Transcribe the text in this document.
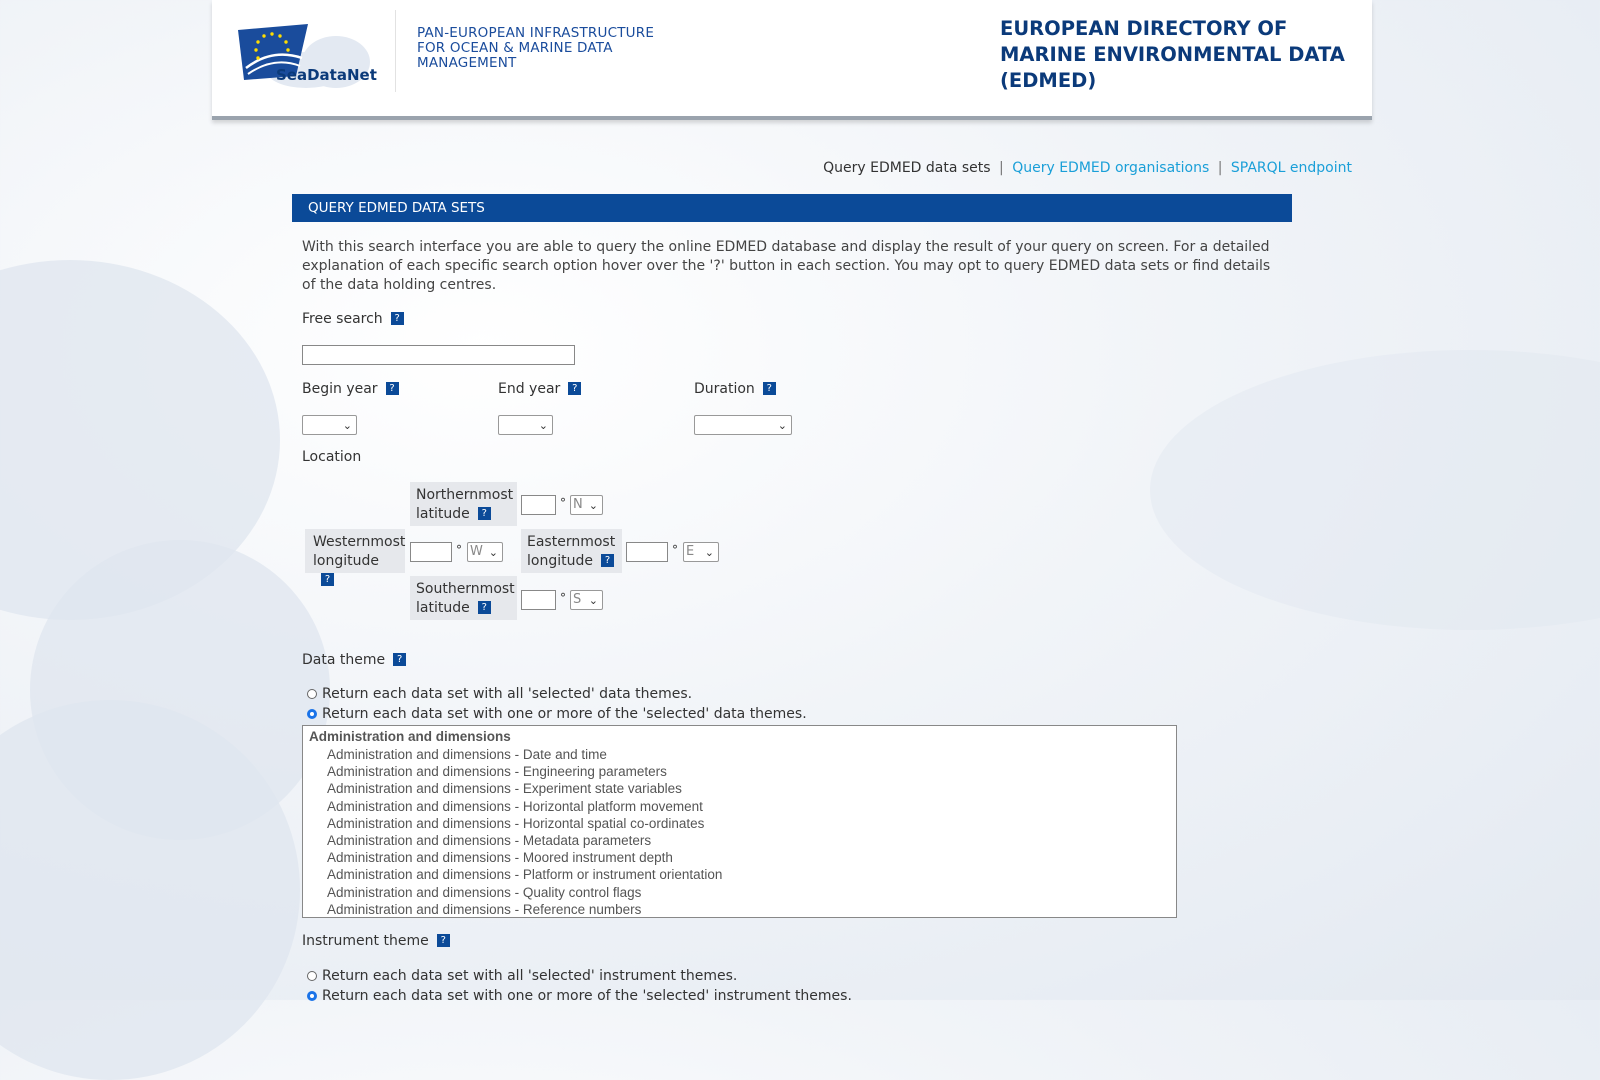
SeaDataNet
PAN-EUROPEAN INFRASTRUCTURE FOR OCEAN & MARINE DATA MANAGEMENT
EUROPEAN DIRECTORY OF MARINE ENVIRONMENTAL DATA (EDMED)
Query EDMED data sets | Query EDMED organisations | SPARQL endpoint
QUERY EDMED DATA SETS
With this search interface you are able to query the online EDMED database and display the result of your query on screen. For a detailed explanation of each specific search option hover over the '?' button in each section. You may opt to query EDMED data sets or find details of the data holding centres.
Free search ?
Begin year ?	End year ?	Duration ?
⌄	⌄	⌄
Location
Northernmost
latitude ?
° N ⌄
Westernmost
longitude?
° W ⌄
Easternmost
longitude ?
° E ⌄
Southernmost
latitude ?
° S ⌄
Data theme ?
Return each data set with all 'selected' data themes.
Return each data set with one or more of the 'selected' data themes.
Administration and dimensions
Administration and dimensions - Date and time
Administration and dimensions - Engineering parameters
Administration and dimensions - Experiment state variables
Administration and dimensions - Horizontal platform movement
Administration and dimensions - Horizontal spatial co-ordinates
Administration and dimensions - Metadata parameters
Administration and dimensions - Moored instrument depth
Administration and dimensions - Platform or instrument orientation
Administration and dimensions - Quality control flags
Administration and dimensions - Reference numbers
Instrument theme ?
Return each data set with all 'selected' instrument themes.
Return each data set with one or more of the 'selected' instrument themes.
